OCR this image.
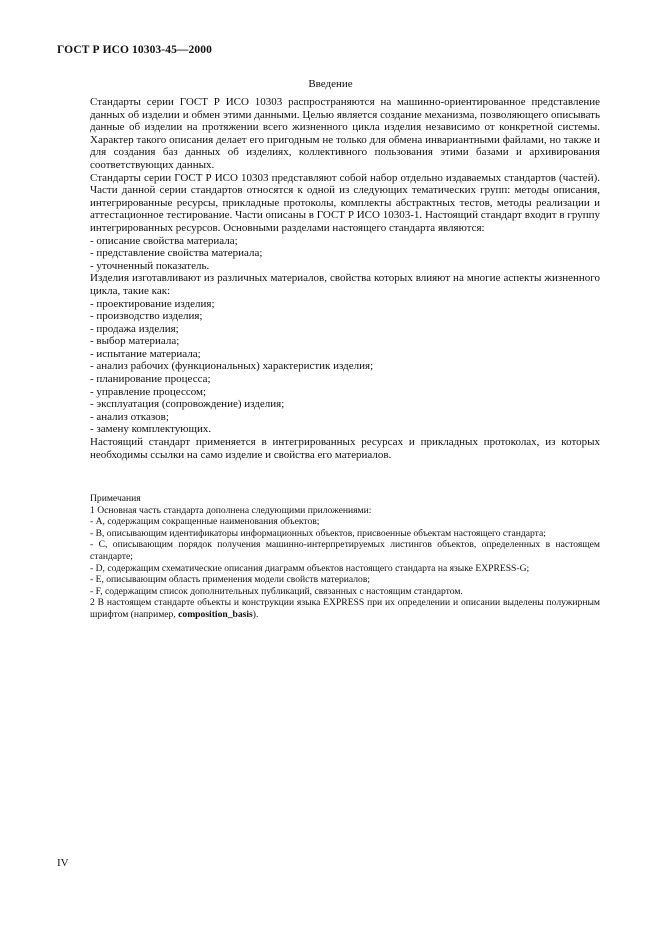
ГОСТ Р ИСО 10303-45—2000
Введение

Стандарты серии ГОСТ Р ИСО 10303 распространяются на машинно-ориентированное представление данных об изделии и обмен этими данными. Целью является создание механизма, позволяющего описывать данные об изделии на протяжении всего жизненного цикла изделия независимо от конкретной системы. Характер такого описания делает его пригодным не только для обмена инвариантными файлами, но также и для создания баз данных об изделиях, коллективного пользования этими базами и архивирования соответствующих данных.

Стандарты серии ГОСТ Р ИСО 10303 представляют собой набор отдельно издаваемых стандартов (частей). Части данной серии стандартов относятся к одной из следующих тематических групп: методы описания, интегрированные ресурсы, прикладные протоколы, комплекты абстрактных тестов, методы реализации и аттестационное тестирование. Части описаны в ГОСТ Р ИСО 10303-1. Настоящий стандарт входит в группу интегрированных ресурсов. Основными разделами настоящего стандарта являются:

- описание свойства материала;
- представление свойства материала;
- уточненный показатель.

Изделия изготавливают из различных материалов, свойства которых влияют на многие аспекты жизненного цикла, такие как:

- проектирование изделия;
- производство изделия;
- продажа изделия;
- выбор материала;
- испытание материала;
- анализ рабочих (функциональных) характеристик изделия;
- планирование процесса;
- управление процессом;
- эксплуатация (сопровождение) изделия;
- анализ отказов;
- замену комплектующих.

Настоящий стандарт применяется в интегрированных ресурсах и прикладных протоколах, из которых необходимы ссылки на само изделие и свойства его материалов.

Примечания

1 Основная часть стандарта дополнена следующими приложениями:

- А, содержащим сокращенные наименования объектов;

- В, описывающим идентификаторы информационных объектов, присвоенные объектам настоящего стандарта;

- С, описывающим порядок получения машинно-интерпретируемых листингов объектов, определенных в настоящем стандарте;

- D, содержащим схематические описания диаграмм объектов настоящего стандарта на языке EXPRESS-G;

- Е, описывающим область применения модели свойств материалов;

- F, содержащим список дополнительных публикаций, связанных с настоящим стандартом.

2 В настоящем стандарте объекты и конструкции языка EXPRESS при их определении и описании выделены полужирным шрифтом (например, composition_basis).

IV
